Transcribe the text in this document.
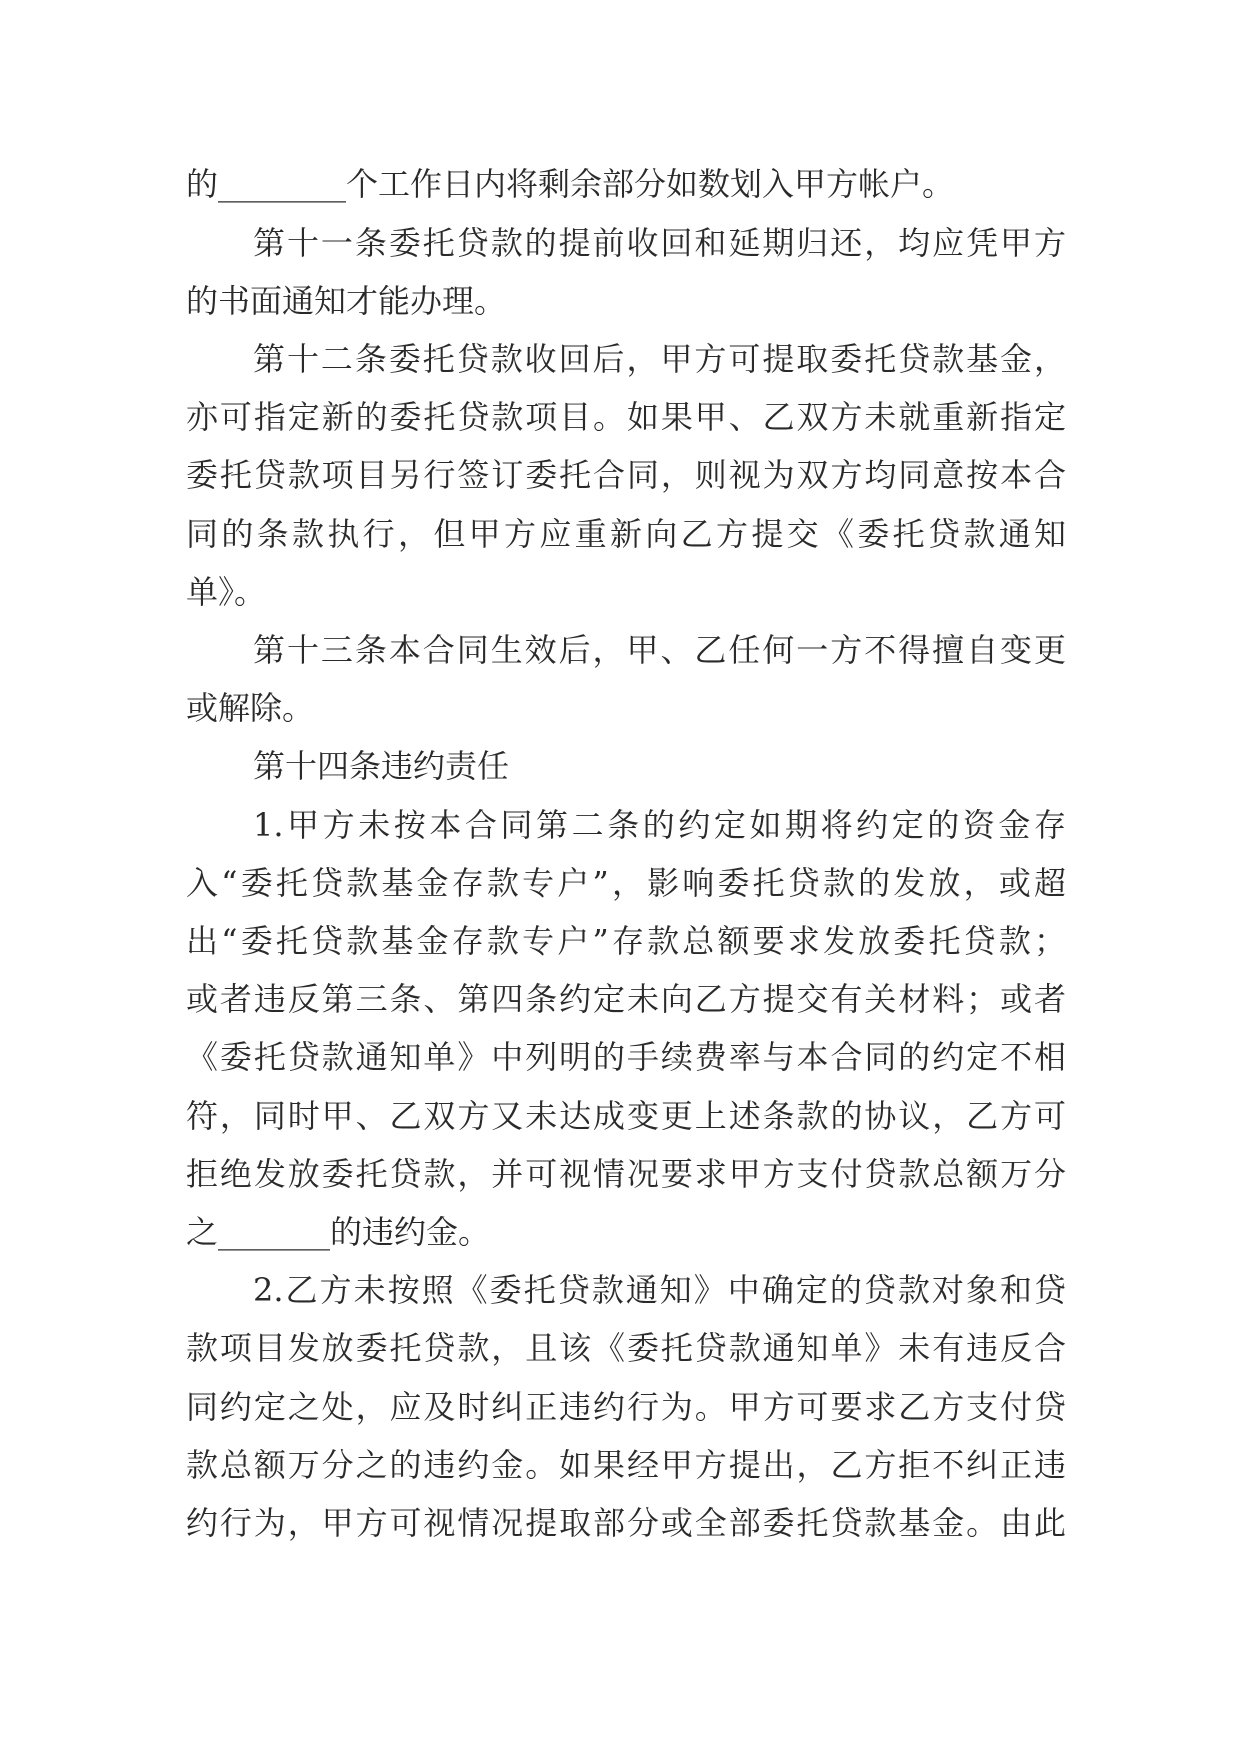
的________个工作日内将剩余部分如数划入甲方帐户。
第十一条委托贷款的提前收回和延期归还，均应凭甲方
的书面通知才能办理。
第十二条委托贷款收回后，甲方可提取委托贷款基金，
亦可指定新的委托贷款项目。如果甲、乙双方未就重新指定
委托贷款项目另行签订委托合同，则视为双方均同意按本合
同的条款执行，但甲方应重新向乙方提交《委托贷款通知
单》。
第十三条本合同生效后，甲、乙任何一方不得擅自变更
或解除。
第十四条违约责任
1.甲方未按本合同第二条的约定如期将约定的资金存
入“委托贷款基金存款专户”，影响委托贷款的发放，或超
出“委托贷款基金存款专户”存款总额要求发放委托贷款；
或者违反第三条、第四条约定未向乙方提交有关材料；或者
《委托贷款通知单》中列明的手续费率与本合同的约定不相
符，同时甲、乙双方又未达成变更上述条款的协议，乙方可
拒绝发放委托贷款，并可视情况要求甲方支付贷款总额万分
之_______的违约金。
2.乙方未按照《委托贷款通知》中确定的贷款对象和贷
款项目发放委托贷款，且该《委托贷款通知单》未有违反合
同约定之处，应及时纠正违约行为。甲方可要求乙方支付贷
款总额万分之的违约金。如果经甲方提出，乙方拒不纠正违
约行为，甲方可视情况提取部分或全部委托贷款基金。由此
